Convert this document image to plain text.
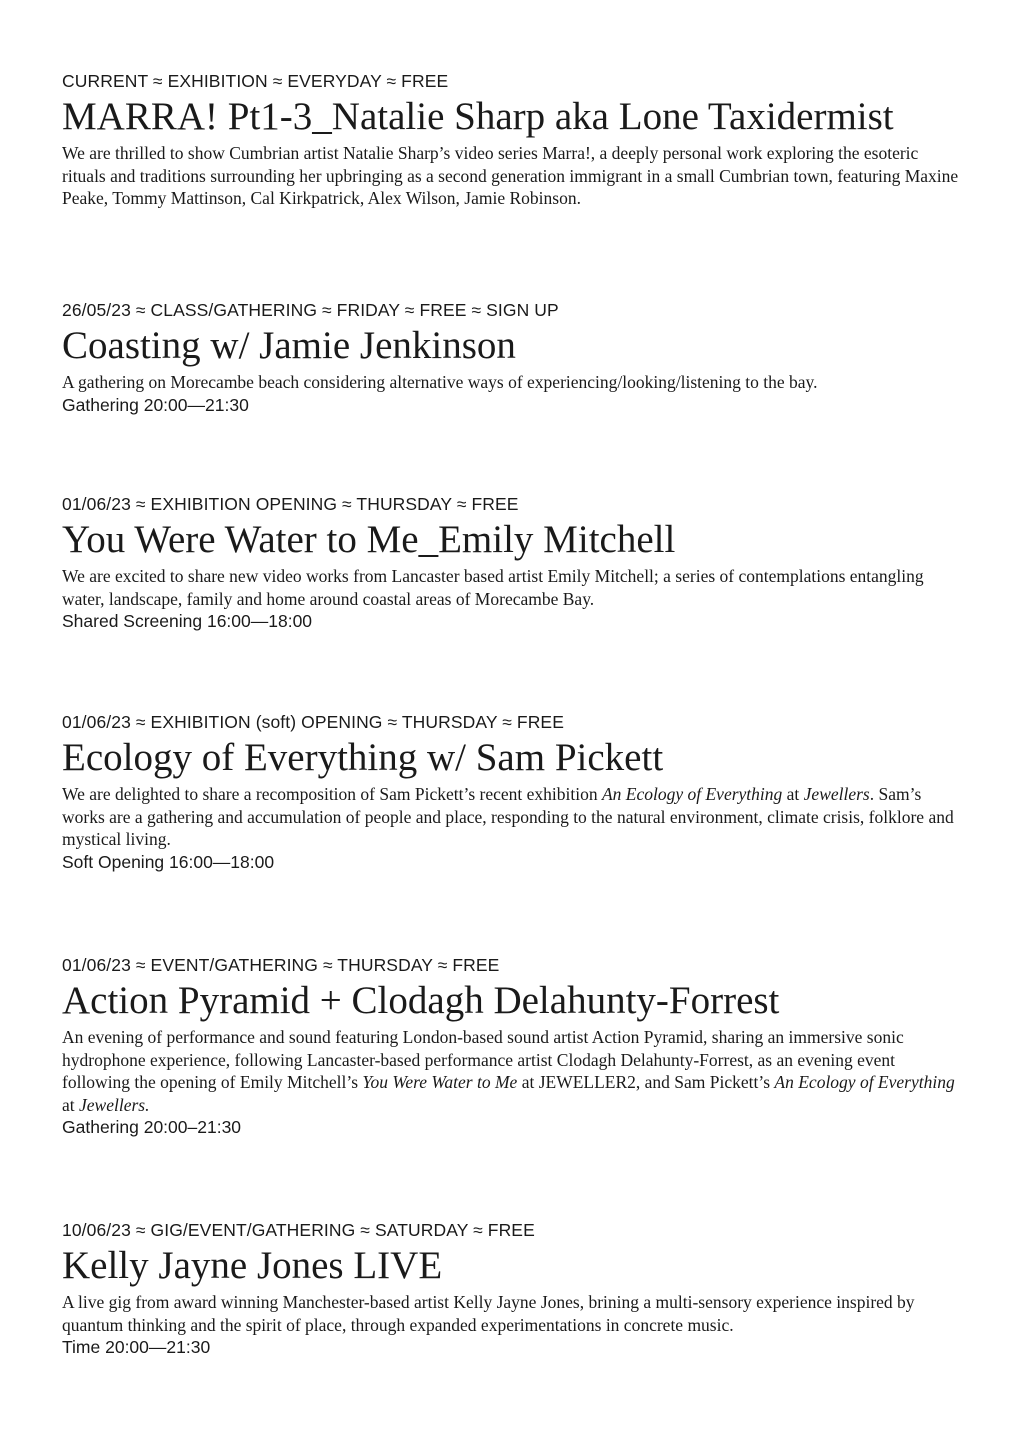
CURRENT ≈ EXHIBITION ≈ EVERYDAY ≈ FREE

MARRA! Pt1-3_Natalie Sharp aka Lone Taxidermist

We are thrilled to show Cumbrian artist Natalie Sharp’s video series Marra!, a deeply personal work exploring the esoteric rituals and traditions surrounding her upbringing as a second generation immigrant in a small Cumbrian town, featuring Maxine Peake, Tommy Mattinson, Cal Kirkpatrick, Alex Wilson, Jamie Robinson.

26/05/23 ≈ CLASS/GATHERING ≈ FRIDAY ≈ FREE ≈ SIGN UP

Coasting w/ Jamie Jenkinson

A gathering on Morecambe beach considering alternative ways of experiencing/looking/listening to the bay.

Gathering 20:00—21:30

01/06/23 ≈ EXHIBITION OPENING ≈ THURSDAY ≈ FREE

You Were Water to Me_Emily Mitchell

We are excited to share new video works from Lancaster based artist Emily Mitchell; a series of contemplations entangling water, landscape, family and home around coastal areas of Morecambe Bay.

Shared Screening 16:00—18:00

01/06/23 ≈ EXHIBITION (soft) OPENING ≈ THURSDAY ≈ FREE

Ecology of Everything w/ Sam Pickett

We are delighted to share a recomposition of Sam Pickett’s recent exhibition An Ecology of Everything at Jewellers. Sam’s works are a gathering and accumulation of people and place, responding to the natural environment, climate crisis, folklore and mystical living.

Soft Opening 16:00—18:00

01/06/23 ≈ EVENT/GATHERING ≈ THURSDAY ≈ FREE

Action Pyramid + Clodagh Delahunty-Forrest

An evening of performance and sound featuring London-based sound artist Action Pyramid, sharing an immersive sonic hydrophone experience, following Lancaster-based performance artist Clodagh Delahunty-Forrest, as an evening event following the opening of Emily Mitchell’s You Were Water to Me at JEWELLER2, and Sam Pickett’s An Ecology of Everything at Jewellers.

Gathering 20:00–21:30

10/06/23 ≈ GIG/EVENT/GATHERING ≈ SATURDAY ≈ FREE

Kelly Jayne Jones LIVE

A live gig from award winning Manchester-based artist Kelly Jayne Jones, brining a multi-sensory experience inspired by quantum thinking and the spirit of place, through expanded experimentations in concrete music.

Time 20:00—21:30
